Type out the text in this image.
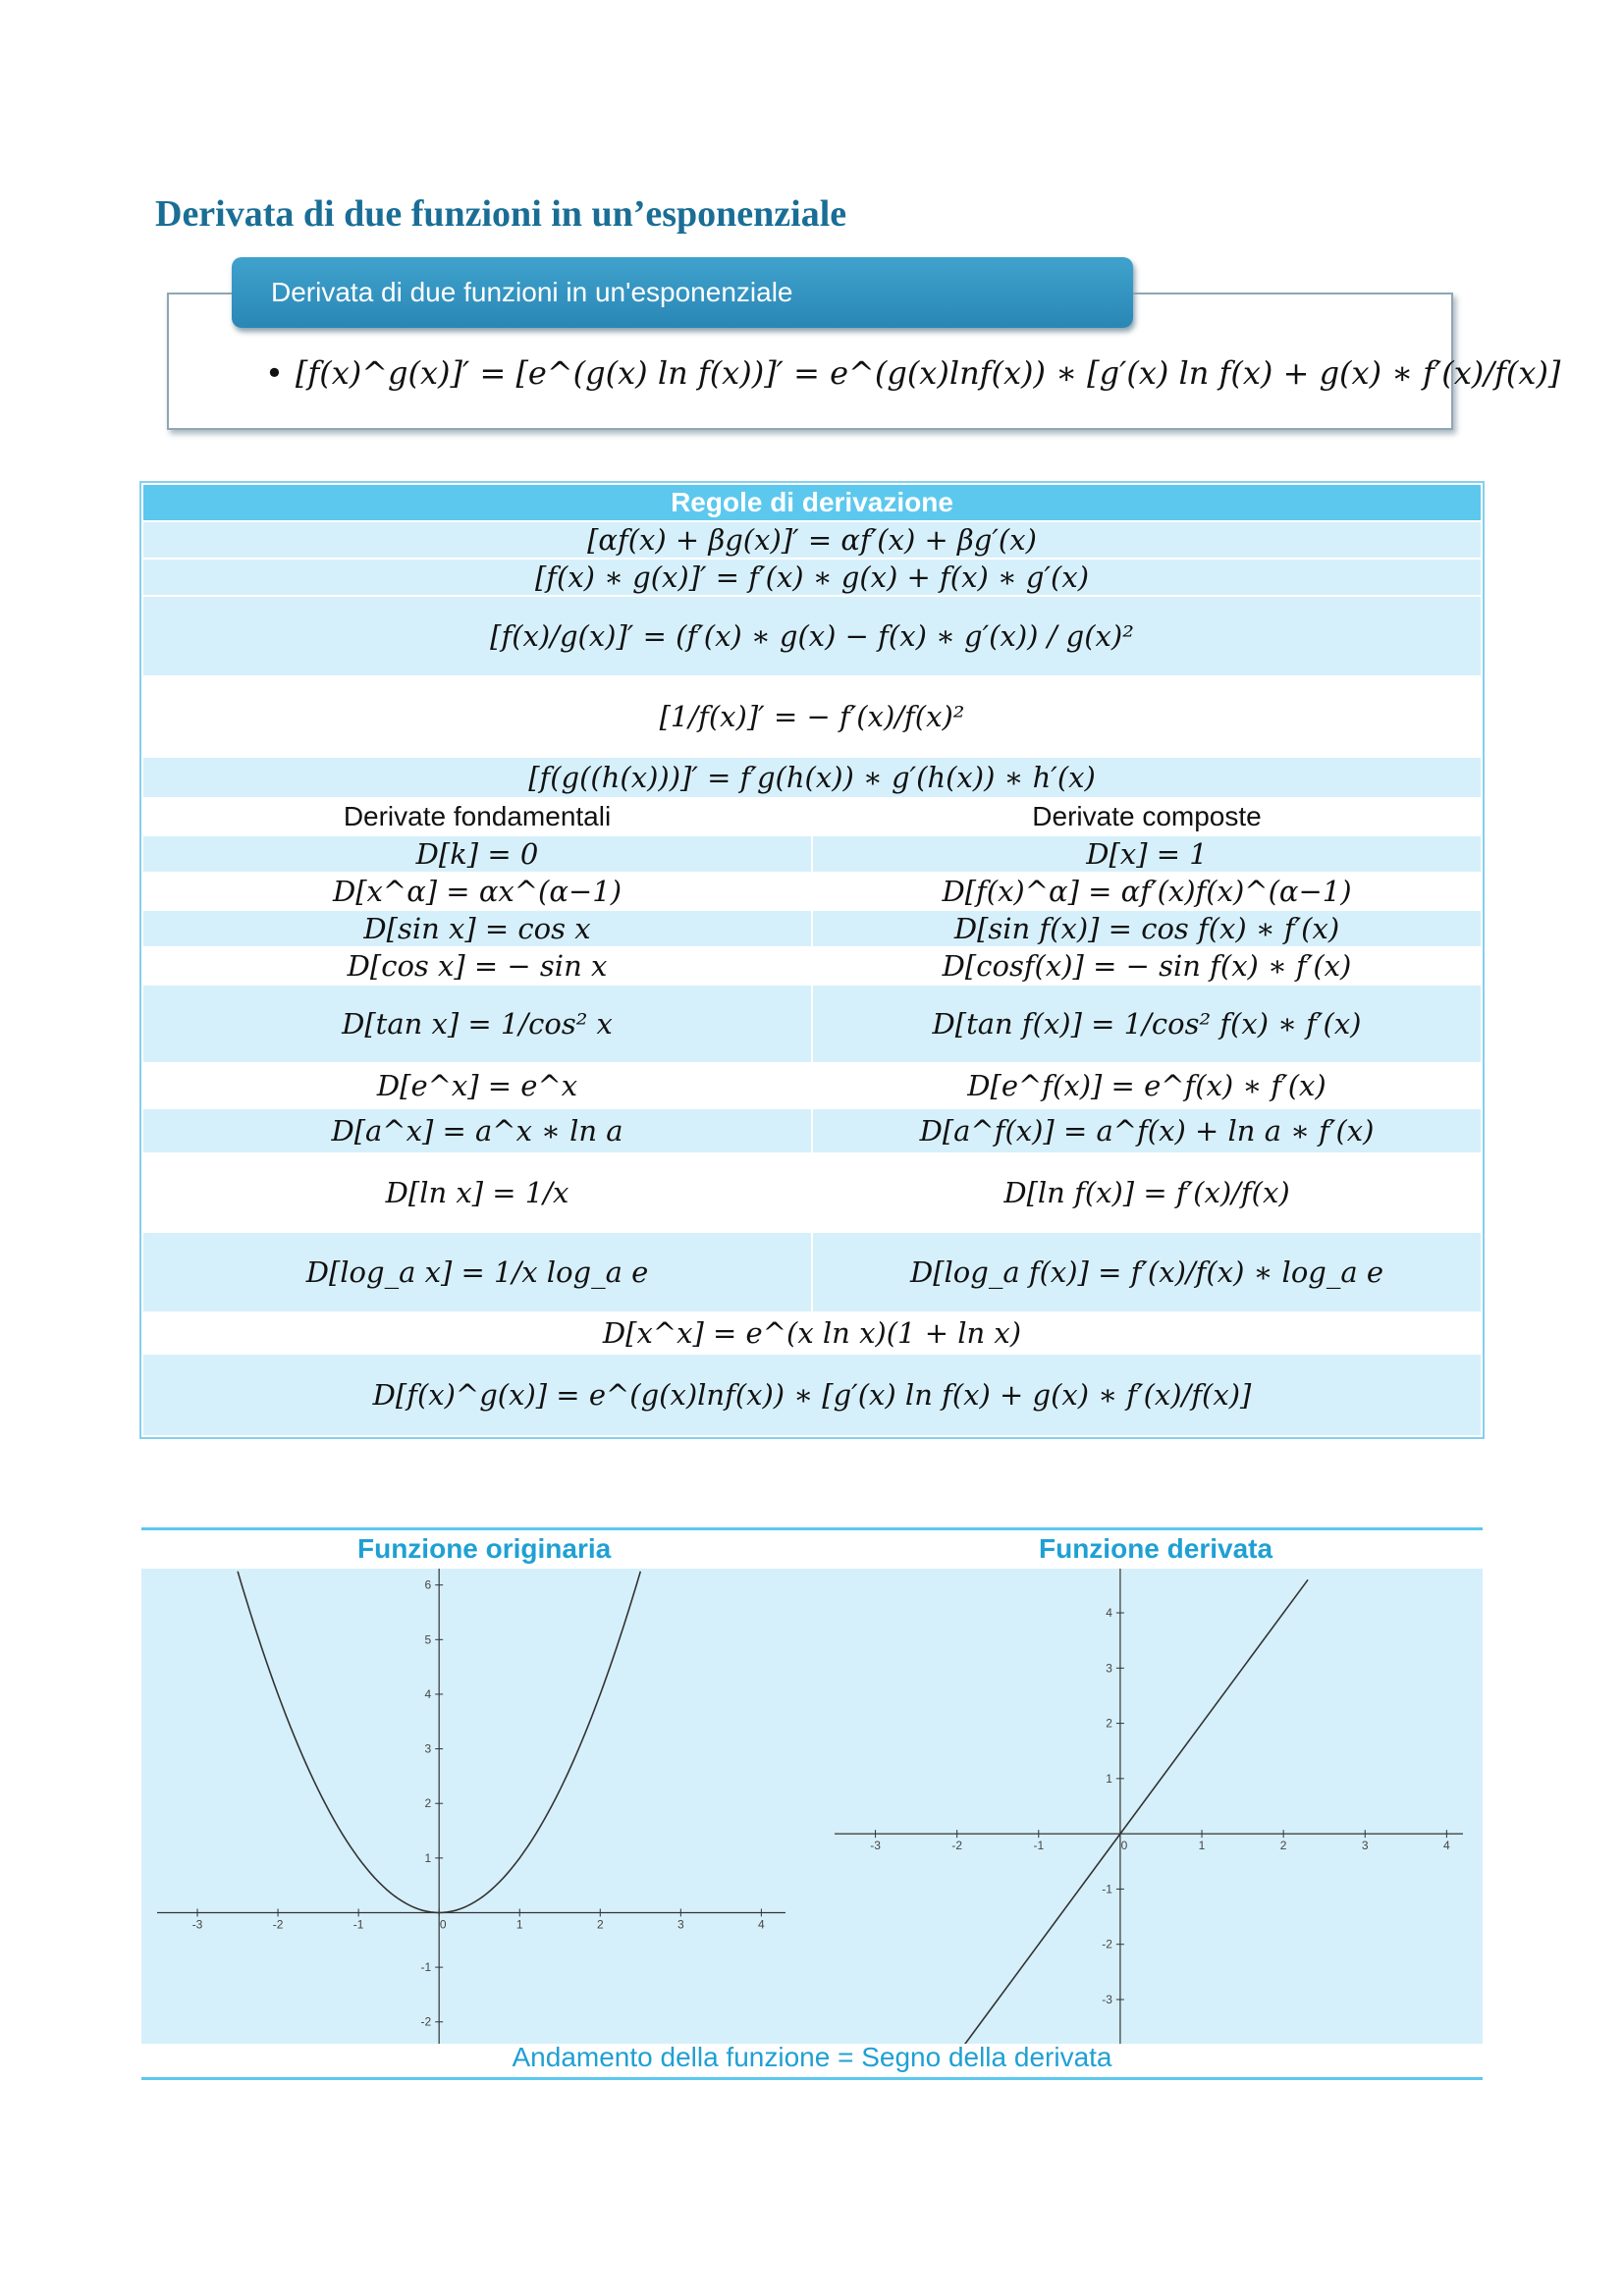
Derivata di due funzioni in un’esponenziale
Derivata di due funzioni in un'esponenziale
• [f(x)^g(x)]′ = [e^(g(x) ln f(x))]′ = e^(g(x)lnf(x)) ∗ [g′(x) ln f(x) + g(x) ∗ f′(x)/f(x)]
Regole di derivazione	
[αf(x) + βg(x)]′ = αf′(x) + βg′(x)	
[f(x) ∗ g(x)]′ = f′(x) ∗ g(x) + f(x) ∗ g′(x)	
[f(x)/g(x)]′ = (f′(x) ∗ g(x) − f(x) ∗ g′(x)) / g(x)²	
[1/f(x)]′ = − f′(x)/f(x)²	
[f(g((h(x)))]′ = f′g(h(x)) ∗ g′(h(x)) ∗ h′(x)	
Derivate fondamentali	Derivate composte
D[k] = 0	D[x] = 1
D[x^α] = αx^(α−1)	D[f(x)^α] = αf′(x)f(x)^(α−1)
D[sin x] = cos x	D[sin f(x)] = cos f(x) ∗ f′(x)
D[cos x] = − sin x	D[cosf(x)] = − sin f(x) ∗ f′(x)
D[tan x] = 1/cos² x	D[tan f(x)] = 1/cos² f(x) ∗ f′(x)
D[e^x] = e^x	D[e^f(x)] = e^f(x) ∗ f′(x)
D[a^x] = a^x ∗ ln a	D[a^f(x)] = a^f(x) + ln a ∗ f′(x)
D[ln x] = 1/x	D[ln f(x)] = f′(x)/f(x)
D[log_a x] = 1/x log_a e	D[log_a f(x)] = f′(x)/f(x) ∗ log_a e
D[x^x] = e^(x ln x)(1 + ln x)	
D[f(x)^g(x)] = e^(g(x)lnf(x)) ∗ [g′(x) ln f(x) + g(x) ∗ f′(x)/f(x)]	
Funzione originaria	Funzione derivata
-3	-2	-1	0	1	2	3	4
-2
-1
1
2
3
4
5
6
-3	-2	-1	0	1	2	3	4
-3
-2
-1
1
2
3
4
Andamento della funzione = Segno della derivata
